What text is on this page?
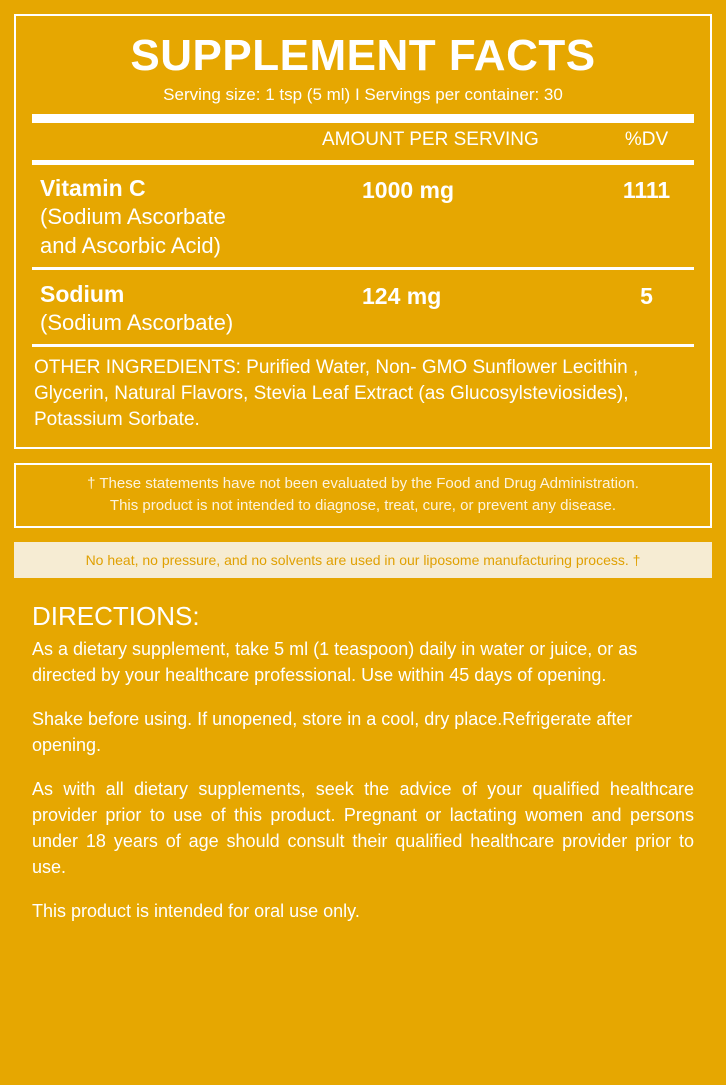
SUPPLEMENT FACTS
Serving size: 1 tsp (5 ml) I Servings per container: 30
AMOUNT PER SERVING	%DV
Vitamin C
(Sodium Ascorbate
and Ascorbic Acid)
1000 mg	1111
Sodium
(Sodium Ascorbate)
124 mg	5
OTHER INGREDIENTS: Purified Water, Non- GMO Sunflower Lecithin , Glycerin, Natural Flavors, Stevia Leaf Extract (as Glucosylsteviosides), Potassium Sorbate.
† These statements have not been evaluated by the Food and Drug Administration.
This product is not intended to diagnose, treat, cure, or prevent any disease.
No heat, no pressure, and no solvents are used in our liposome manufacturing process. †
DIRECTIONS:

As a dietary supplement, take 5 ml (1 teaspoon) daily in water or juice, or as directed by your healthcare professional. Use within 45 days of opening.

Shake before using. If unopened, store in a cool, dry place.Refrigerate after opening.

As with all dietary supplements, seek the advice of your qualified healthcare provider prior to use of this product. Pregnant or lactating women and persons under 18 years of age should consult their qualified healthcare provider prior to use.

This product is intended for oral use only.
